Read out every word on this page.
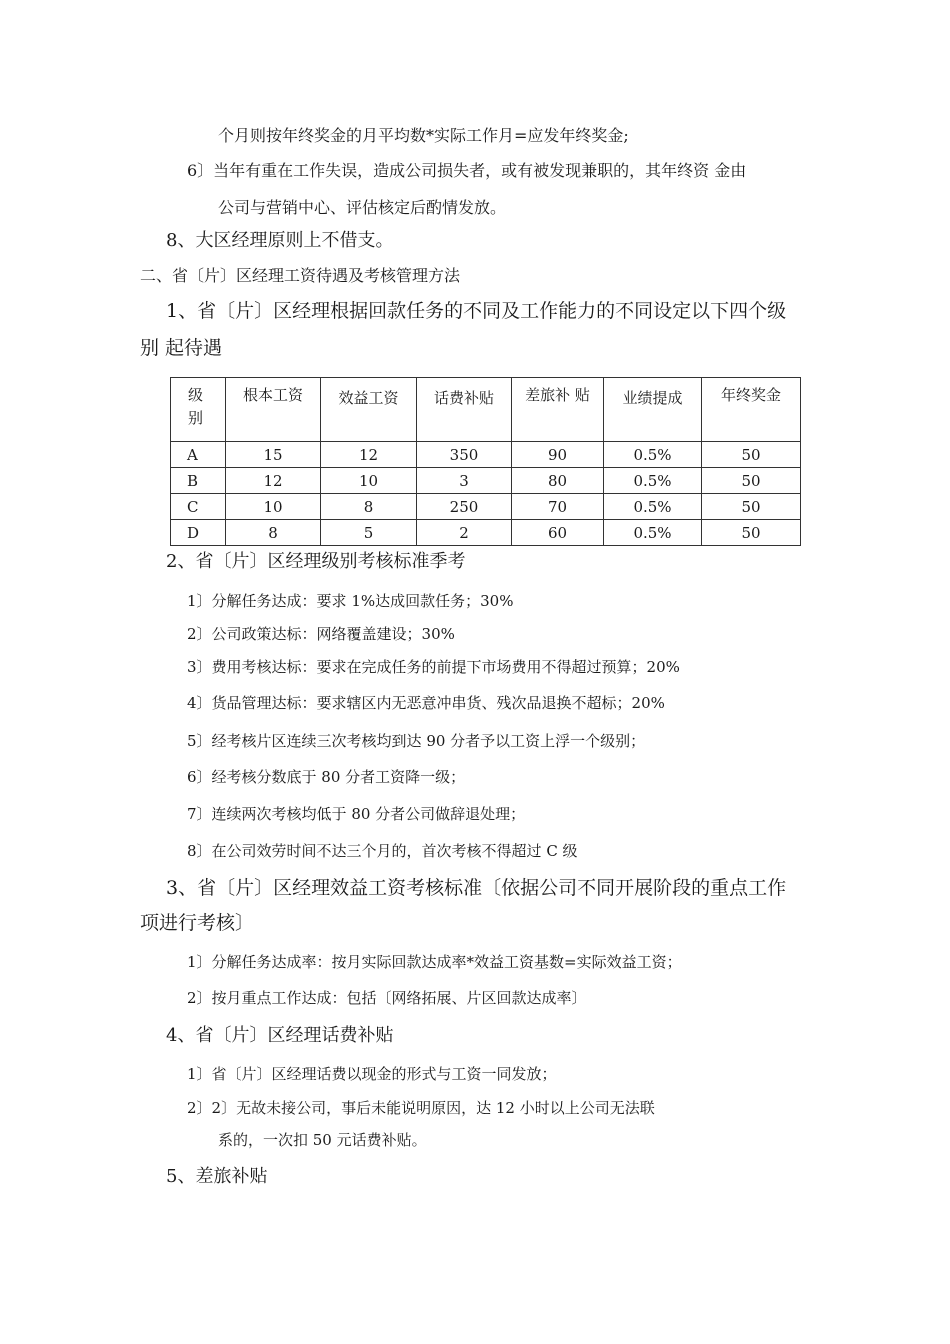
个月则按年终奖金的月平均数*实际工作月=应发年终奖金;
6〕当年有重在工作失误，造成公司损失者，或有被发现兼职的，其年终资 金由
公司与营销中心、评估核定后酌情发放。
8、大区经理原则上不借支。
二、省〔片〕区经理工资待遇及考核管理方法
1、省〔片〕区经理根据回款任务的不同及工作能力的不同设定以下四个级
别 起待遇
级别	根本工资	效益工资	话费补贴	差旅补 贴	业绩提成	年终奖金
A	15	12	350	90	0.5%	50
B	12	10	3	80	0.5%	50
C	10	8	250	70	0.5%	50
D	8	5	2	60	0.5%	50
2、省〔片〕区经理级别考核标准季考
1〕分解任务达成：要求 1%达成回款任务；30%
2〕公司政策达标：网络覆盖建设；30%
3〕费用考核达标：要求在完成任务的前提下市场费用不得超过预算；20%
4〕货品管理达标：要求辖区内无恶意冲串货、残次品退换不超标；20%
5〕经考核片区连续三次考核均到达 90 分者予以工资上浮一个级别；
6〕经考核分数底于 80 分者工资降一级；
7〕连续两次考核均低于 80 分者公司做辞退处理；
8〕在公司效劳时间不达三个月的，首次考核不得超过 C 级
3、省〔片〕区经理效益工资考核标准〔依据公司不同开展阶段的重点工作
项进行考核〕
1〕分解任务达成率：按月实际回款达成率*效益工资基数=实际效益工资；
2〕按月重点工作达成：包括〔网络拓展、片区回款达成率〕
4、省〔片〕区经理话费补贴
1〕省〔片〕区经理话费以现金的形式与工资一同发放；
2〕2〕无故未接公司，事后未能说明原因，达 12 小时以上公司无法联
系的，一次扣 50 元话费补贴。
5、差旅补贴
